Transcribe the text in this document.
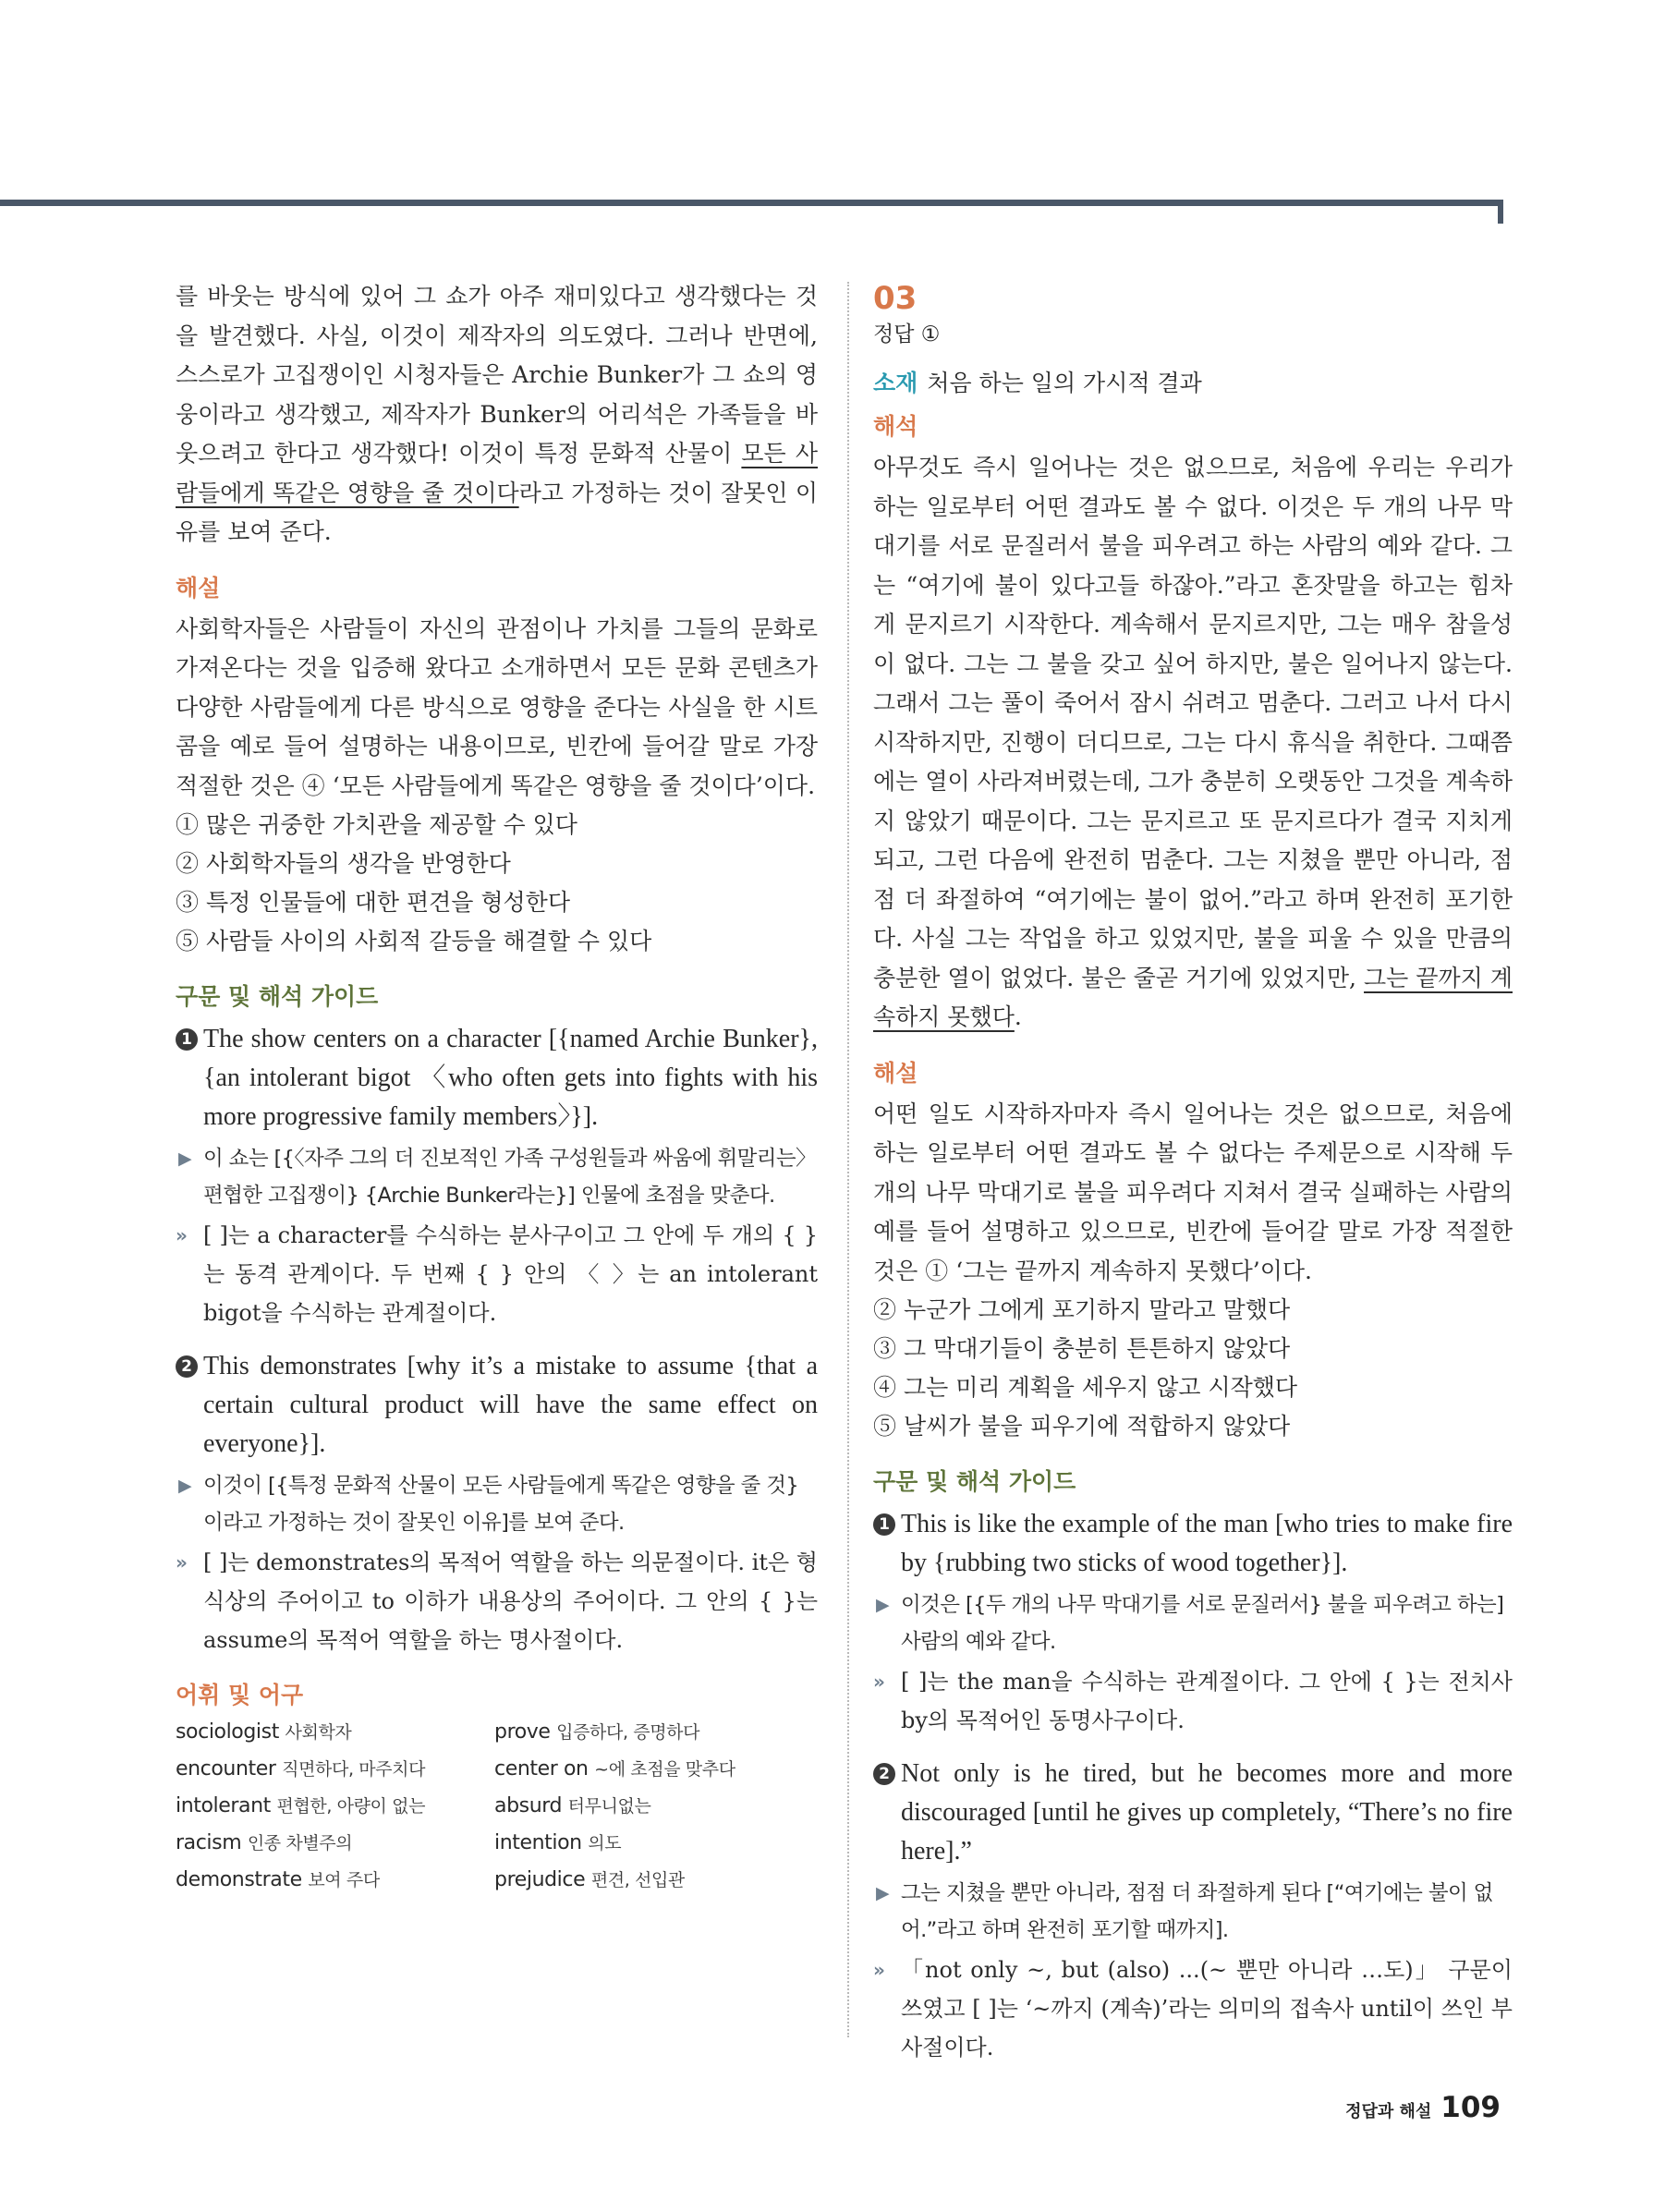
를 바웃는 방식에 있어 그 쇼가 아주 재미있다고 생각했다는 것을 발견했다. 사실, 이것이 제작자의 의도였다. 그러나 반면에, 스스로가 고집쟁이인 시청자들은 Archie Bunker가 그 쇼의 영웅이라고 생각했고, 제작자가 Bunker의 어리석은 가족들을 바웃으려고 한다고 생각했다! 이것이 특정 문화적 산물이 모든 사람들에게 똑같은 영향을 줄 것이다라고 가정하는 것이 잘못인 이유를 보여 준다.

해설

사회학자들은 사람들이 자신의 관점이나 가치를 그들의 문화로 가져온다는 것을 입증해 왔다고 소개하면서 모든 문화 콘텐츠가 다양한 사람들에게 다른 방식으로 영향을 준다는 사실을 한 시트콤을 예로 들어 설명하는 내용이므로, 빈칸에 들어갈 말로 가장 적절한 것은 ④ ‘모든 사람들에게 똑같은 영향을 줄 것이다’이다.

① 많은 귀중한 가치관을 제공할 수 있다
② 사회학자들의 생각을 반영한다
③ 특정 인물들에 대한 편견을 형성한다
⑤ 사람들 사이의 사회적 갈등을 해결할 수 있다
구문 및 해석 가이드
1 The show centers on a character [{named Archie Bunker}, {an intolerant bigot 〈who often gets into fights with his more progressive family members〉}].
▶ 이 쇼는 [{〈자주 그의 더 진보적인 가족 구성원들과 싸움에 휘말리는〉 편협한 고집쟁이} {Archie Bunker라는}] 인물에 초점을 맞춘다.
» [ ]는 a character를 수식하는 분사구이고 그 안에 두 개의 { }는 동격 관계이다. 두 번째 { } 안의 〈 〉는 an intolerant bigot을 수식하는 관계절이다.
2 This demonstrates [why it’s a mistake to assume {that a certain cultural product will have the same effect on everyone}].
▶ 이것이 [{특정 문화적 산물이 모든 사람들에게 똑같은 영향을 줄 것}이라고 가정하는 것이 잘못인 이유]를 보여 준다.
» [ ]는 demonstrates의 목적어 역할을 하는 의문절이다. it은 형식상의 주어이고 to 이하가 내용상의 주어이다. 그 안의 { }는 assume의 목적어 역할을 하는 명사절이다.
어휘 및 어구
sociologist 사회학자	prove 입증하다, 증명하다
encounter 직면하다, 마주치다	center on ~에 초점을 맞추다
intolerant 편협한, 아량이 없는	absurd 터무니없는
racism 인종 차별주의	intention 의도
demonstrate 보여 주다	prejudice 편견, 선입관
03
정답 ①
소재 처음 하는 일의 가시적 결과
해석

아무것도 즉시 일어나는 것은 없으므로, 처음에 우리는 우리가 하는 일로부터 어떤 결과도 볼 수 없다. 이것은 두 개의 나무 막대기를 서로 문질러서 불을 피우려고 하는 사람의 예와 같다. 그는 “여기에 불이 있다고들 하잖아.”라고 혼잣말을 하고는 힘차게 문지르기 시작한다. 계속해서 문지르지만, 그는 매우 참을성이 없다. 그는 그 불을 갖고 싶어 하지만, 불은 일어나지 않는다. 그래서 그는 풀이 죽어서 잠시 쉬려고 멈춘다. 그러고 나서 다시 시작하지만, 진행이 더디므로, 그는 다시 휴식을 취한다. 그때쯤에는 열이 사라져버렸는데, 그가 충분히 오랫동안 그것을 계속하지 않았기 때문이다. 그는 문지르고 또 문지르다가 결국 지치게 되고, 그런 다음에 완전히 멈춘다. 그는 지쳤을 뿐만 아니라, 점점 더 좌절하여 “여기에는 불이 없어.”라고 하며 완전히 포기한다. 사실 그는 작업을 하고 있었지만, 불을 피울 수 있을 만큼의 충분한 열이 없었다. 불은 줄곧 거기에 있었지만, 그는 끝까지 계속하지 못했다.

해설

어떤 일도 시작하자마자 즉시 일어나는 것은 없으므로, 처음에 하는 일로부터 어떤 결과도 볼 수 없다는 주제문으로 시작해 두 개의 나무 막대기로 불을 피우려다 지쳐서 결국 실패하는 사람의 예를 들어 설명하고 있으므로, 빈칸에 들어갈 말로 가장 적절한 것은 ① ‘그는 끝까지 계속하지 못했다’이다.

② 누군가 그에게 포기하지 말라고 말했다
③ 그 막대기들이 충분히 튼튼하지 않았다
④ 그는 미리 계획을 세우지 않고 시작했다
⑤ 날씨가 불을 피우기에 적합하지 않았다
구문 및 해석 가이드
1 This is like the example of the man [who tries to make fire by {rubbing two sticks of wood together}].
▶ 이것은 [{두 개의 나무 막대기를 서로 문질러서} 불을 피우려고 하는] 사람의 예와 같다.
» [ ]는 the man을 수식하는 관계절이다. 그 안에 { }는 전치사 by의 목적어인 동명사구이다.
2 Not only is he tired, but he becomes more and more discouraged [until he gives up completely, “There’s no fire here].”
▶ 그는 지쳤을 뿐만 아니라, 점점 더 좌절하게 된다 [“여기에는 불이 없어.”라고 하며 완전히 포기할 때까지].
» 「not only ~, but (also) ...(~ 뿐만 아니라 …도)」 구문이 쓰였고 [ ]는 ‘~까지 (계속)’라는 의미의 접속사 until이 쓰인 부사절이다.
정답과 해설 109
